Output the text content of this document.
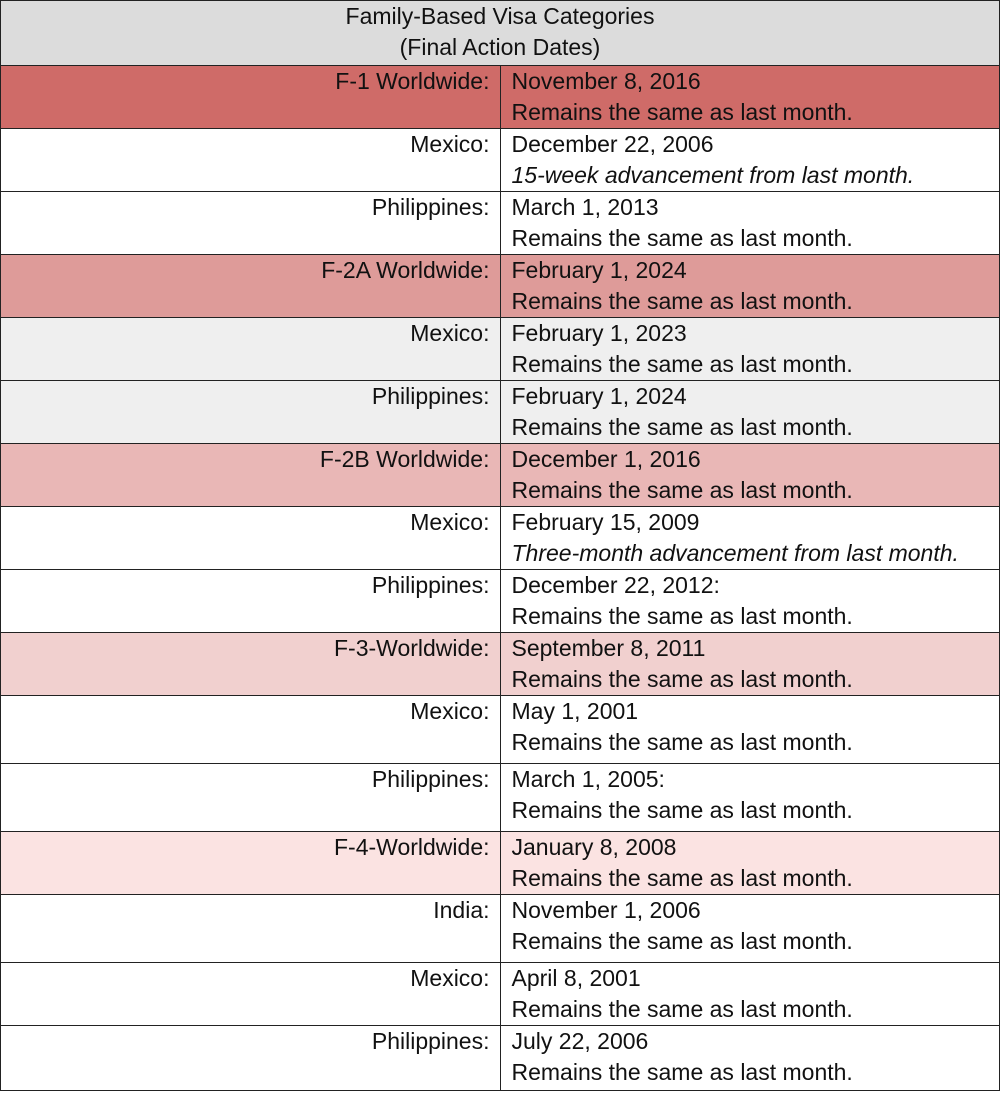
Family-Based Visa Categories
(Final Action Dates)	

F-1 Worldwide:	November 8, 2016
Remains the same as last month.

Mexico:	December 22, 2006
15-week advancement from last month.

Philippines:	March 1, 2013
Remains the same as last month.

F-2A Worldwide:	February 1, 2024
Remains the same as last month.

Mexico:	February 1, 2023
Remains the same as last month.

Philippines:	February 1, 2024
Remains the same as last month.

F-2B Worldwide:	December 1, 2016
Remains the same as last month.

Mexico:	February 15, 2009
Three-month advancement from last month.

Philippines:	December 22, 2012:
Remains the same as last month.

F-3-Worldwide:	September 8, 2011
Remains the same as last month.

Mexico:	May 1, 2001
Remains the same as last month.

Philippines:	March 1, 2005:
Remains the same as last month.

F-4-Worldwide:	January 8, 2008
Remains the same as last month.

India:	November 1, 2006
Remains the same as last month.

Mexico:	April 8, 2001
Remains the same as last month.

Philippines:	July 22, 2006
Remains the same as last month.
